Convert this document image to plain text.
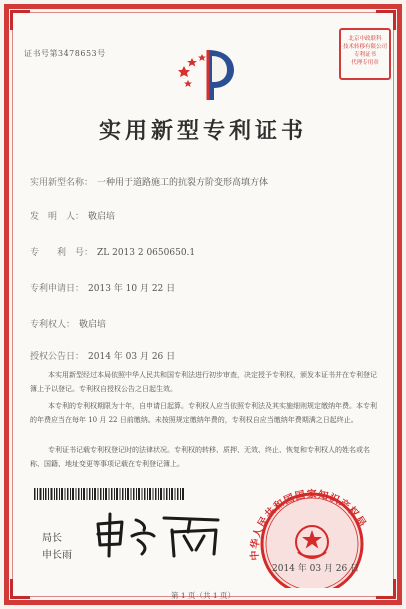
证书号第3478653号
北京中政联科
技术转移有限公司
专利证书
代理专用章
实用新型专利证书
实用新型名称： 一种用于道路施工的抗裂方阶变形高填方体
发　明　人： 敬启培
专　　利　号： ZL 2013 2 0650650.1
专利申请日： 2013 年 10 月 22 日
专利权人： 敬启培
授权公告日： 2014 年 03 月 26 日
本实用新型经过本局依照中华人民共和国专利法进行初步审查，决定授予专利权，颁发本证书并在专利登记簿上予以登记。专利权自授权公告之日起生效。
本专利的专利权期限为十年，自申请日起算。专利权人应当依照专利法及其实施细则规定缴纳年费。本专利的年费应当在每年 10 月 22 日前缴纳。未按照规定缴纳年费的，专利权自应当缴纳年费期满之日起终止。
专利证书记载专利权登记时的法律状况。专利权的转移、质押、无效、终止、恢复和专利权人的姓名或名称、国籍、地址变更等事项记载在专利登记簿上。
局长
申长雨	中华人民共和国国家知识产权局
2014 年 03 月 26 日
第 1 页（共 1 页）
